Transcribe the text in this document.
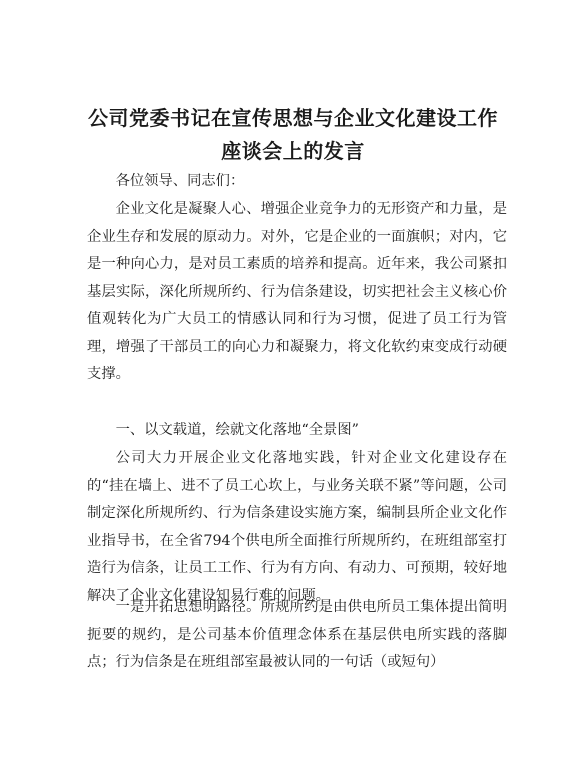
公司党委书记在宣传思想与企业文化建设工作
座谈会上的发言

各位领导、同志们：

企业文化是凝聚人心、增强企业竞争力的无形资产和力量，是企业生存和发展的原动力。对外，它是企业的一面旗帜；对内，它是一种向心力，是对员工素质的培养和提高。近年来，我公司紧扣基层实际，深化所规所约、行为信条建设，切实把社会主义核心价值观转化为广大员工的情感认同和行为习惯，促进了员工行为管理，增强了干部员工的向心力和凝聚力，将文化软约束变成行动硬支撑。

一、以文载道，绘就文化落地“全景图”

公司大力开展企业文化落地实践，针对企业文化建设存在的“挂在墙上、进不了员工心坎上，与业务关联不紧”等问题，公司制定深化所规所约、行为信条建设实施方案，编制县所企业文化作业指导书，在全省794个供电所全面推行所规所约，在班组部室打造行为信条，让员工工作、行为有方向、有动力、可预期，较好地解决了企业文化建设知易行难的问题。

一是开拓思想明路径。所规所约是由供电所员工集体提出简明扼要的规约，是公司基本价值理念体系在基层供电所实践的落脚点；行为信条是在班组部室最被认同的一句话（或短句）
